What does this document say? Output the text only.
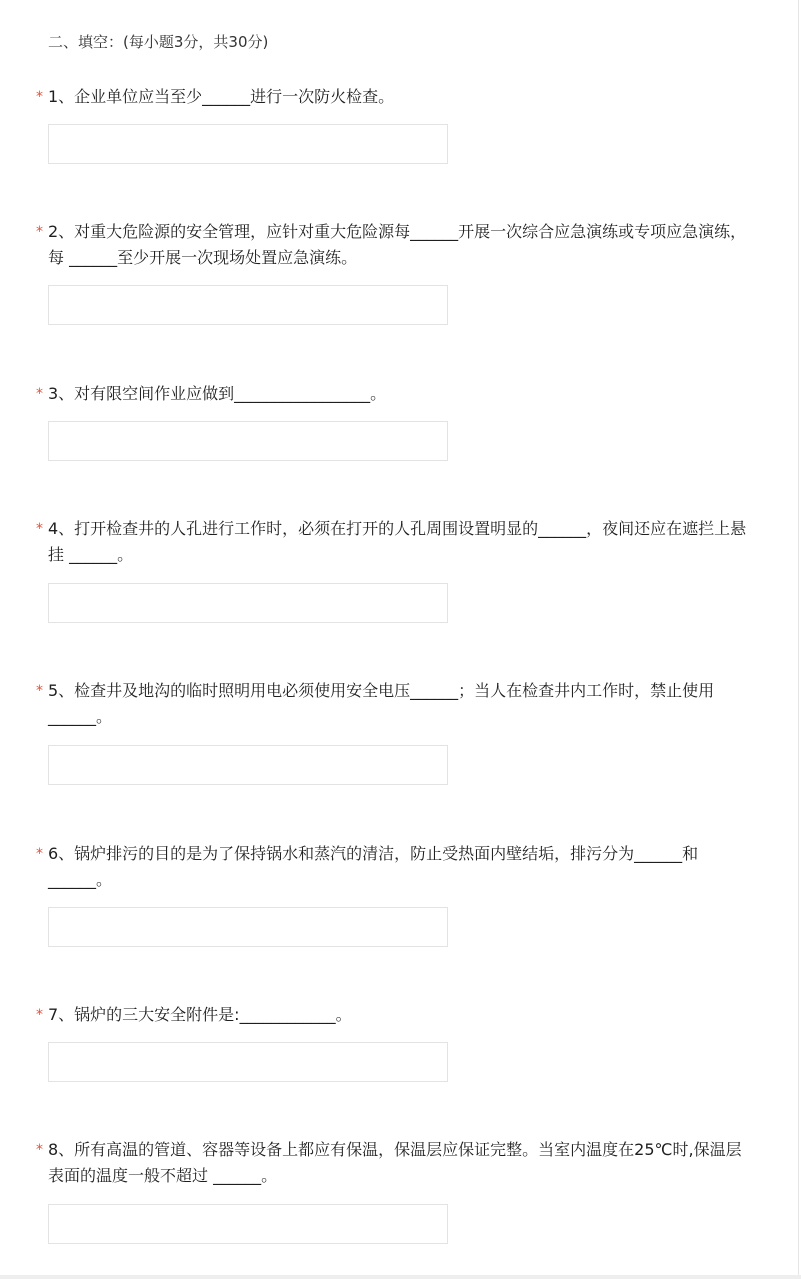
二、填空：(每小题3分，共30分)
* 1、企业单位应当至少______进行一次防火检查。
* 2、对重大危险源的安全管理，应针对重大危险源每______开展一次综合应急演练或专项应急演练，每 ______至少开展一次现场处置应急演练。
* 3、对有限空间作业应做到_________________。
* 4、打开检查井的人孔进行工作时，必须在打开的人孔周围设置明显的______，夜间还应在遮拦上悬挂 ______。
* 5、检查井及地沟的临时照明用电必须使用安全电压______；当人在检查井内工作时，禁止使用______。
* 6、锅炉排污的目的是为了保持锅水和蒸汽的清洁，防止受热面内壁结垢，排污分为______和______。
* 7、锅炉的三大安全附件是:____________。
* 8、所有高温的管道、容器等设备上都应有保温，保温层应保证完整。当室内温度在25℃时,保温层表面的温度一般不超过 ______。
